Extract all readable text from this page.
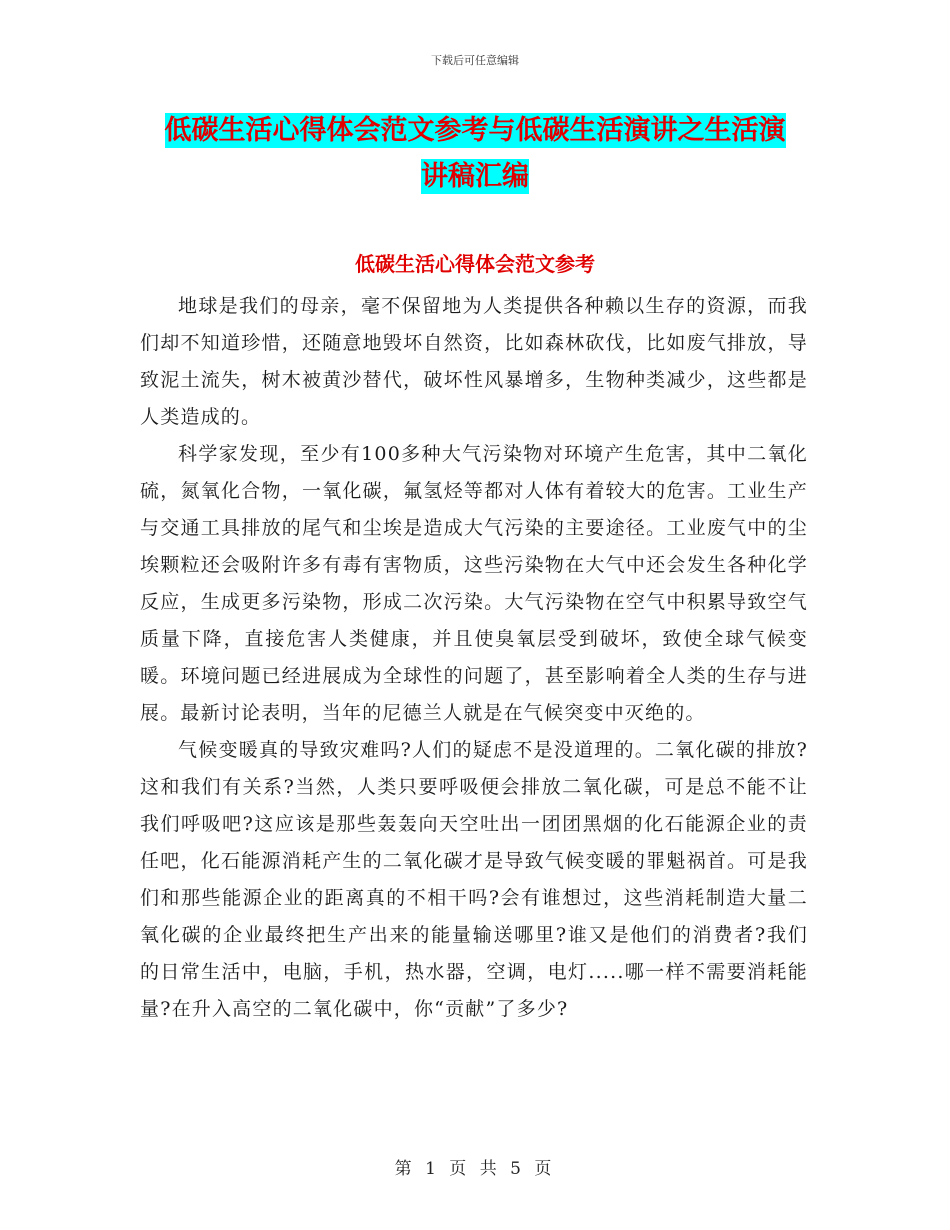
下载后可任意编辑
低碳生活心得体会范文参考与低碳生活演讲之生活演
讲稿汇编
低碳生活心得体会范文参考

地球是我们的母亲，毫不保留地为人类提供各种赖以生存的资源，而我们却不知道珍惜，还随意地毁坏自然资，比如森林砍伐，比如废气排放，导致泥土流失，树木被黄沙替代，破坏性风暴增多，生物种类减少，这些都是人类造成的。

科学家发现，至少有100多种大气污染物对环境产生危害，其中二氧化硫，氮氧化合物，一氧化碳，氟氢烃等都对人体有着较大的危害。工业生产与交通工具排放的尾气和尘埃是造成大气污染的主要途径。工业废气中的尘埃颗粒还会吸附许多有毒有害物质，这些污染物在大气中还会发生各种化学反应，生成更多污染物，形成二次污染。大气污染物在空气中积累导致空气质量下降，直接危害人类健康，并且使臭氧层受到破坏，致使全球气候变暖。环境问题已经进展成为全球性的问题了，甚至影响着全人类的生存与进展。最新讨论表明，当年的尼德兰人就是在气候突变中灭绝的。

气候变暖真的导致灾难吗?人们的疑虑不是没道理的。二氧化碳的排放?这和我们有关系?当然，人类只要呼吸便会排放二氧化碳，可是总不能不让我们呼吸吧?这应该是那些轰轰向天空吐出一团团黑烟的化石能源企业的责任吧，化石能源消耗产生的二氧化碳才是导致气候变暖的罪魁祸首。可是我们和那些能源企业的距离真的不相干吗?会有谁想过，这些消耗制造大量二氧化碳的企业最终把生产出来的能量输送哪里?谁又是他们的消费者?我们的日常生活中，电脑，手机，热水器，空调，电灯.....哪一样不需要消耗能量?在升入高空的二氧化碳中，你“贡献”了多少?

第 1 页 共 5 页
